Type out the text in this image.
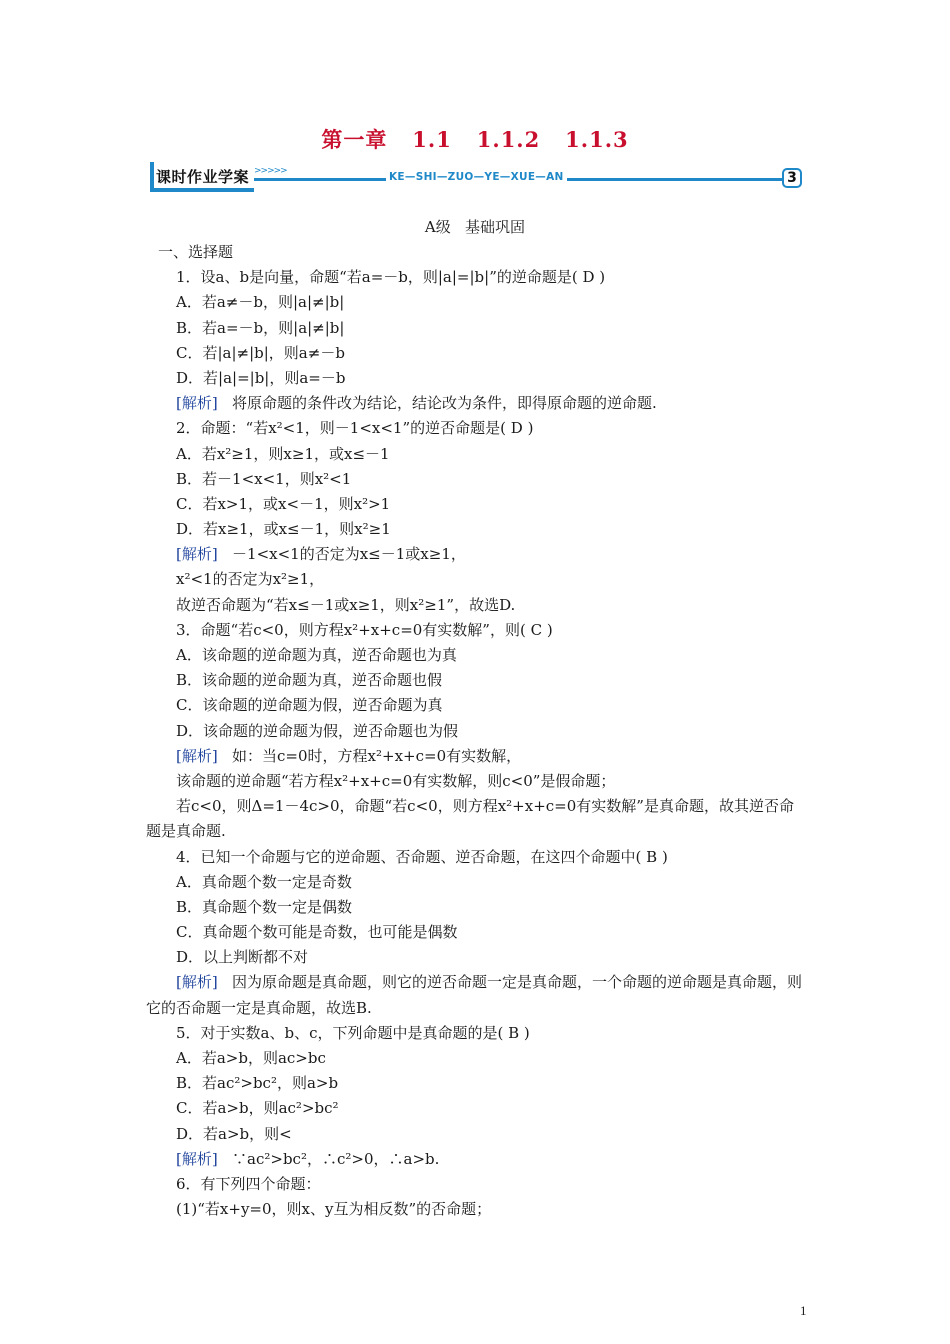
第一章   1.1   1.1.2   1.1.3
课时作业学案 >>>>>	KE—SHI—ZUO—YE—XUE—AN	3
A级   基础巩固
一、选择题
1．设a、b是向量，命题“若a=－b，则|a|=|b|”的逆命题是( D )
A．若a≠－b，则|a|≠|b|
B．若a=－b，则|a|≠|b|
C．若|a|≠|b|，则a≠－b
D．若|a|=|b|，则a=－b
[解析] 将原命题的条件改为结论，结论改为条件，即得原命题的逆命题.
2．命题：“若x²<1，则－1<x<1”的逆否命题是( D )
A．若x²≥1，则x≥1，或x≤－1
B．若－1<x<1，则x²<1
C．若x>1，或x<－1，则x²>1
D．若x≥1，或x≤－1，则x²≥1
[解析] －1<x<1的否定为x≤－1或x≥1，
x²<1的否定为x²≥1，
故逆否命题为“若x≤－1或x≥1，则x²≥1”，故选D.
3．命题“若c<0，则方程x²+x+c=0有实数解”，则( C )
A．该命题的逆命题为真，逆否命题也为真
B．该命题的逆命题为真，逆否命题也假
C．该命题的逆命题为假，逆否命题为真
D．该命题的逆命题为假，逆否命题也为假
[解析] 如：当c=0时，方程x²+x+c=0有实数解，
该命题的逆命题“若方程x²+x+c=0有实数解，则c<0”是假命题；
若c<0，则Δ=1－4c>0，命题“若c<0，则方程x²+x+c=0有实数解”是真命题，故其逆否命题是真命题.
4．已知一个命题与它的逆命题、否命题、逆否命题，在这四个命题中( B )
A．真命题个数一定是奇数
B．真命题个数一定是偶数
C．真命题个数可能是奇数，也可能是偶数
D．以上判断都不对
[解析] 因为原命题是真命题，则它的逆否命题一定是真命题，一个命题的逆命题是真命题，则它的否命题一定是真命题，故选B.
5．对于实数a、b、c，下列命题中是真命题的是( B )
A．若a>b，则ac>bc
B．若ac²>bc²，则a>b
C．若a>b，则ac²>bc²
D．若a>b，则<
[解析] ∵ac²>bc²，∴c²>0，∴a>b.
6．有下列四个命题：
(1)“若x+y=0，则x、y互为相反数”的否命题；
1
